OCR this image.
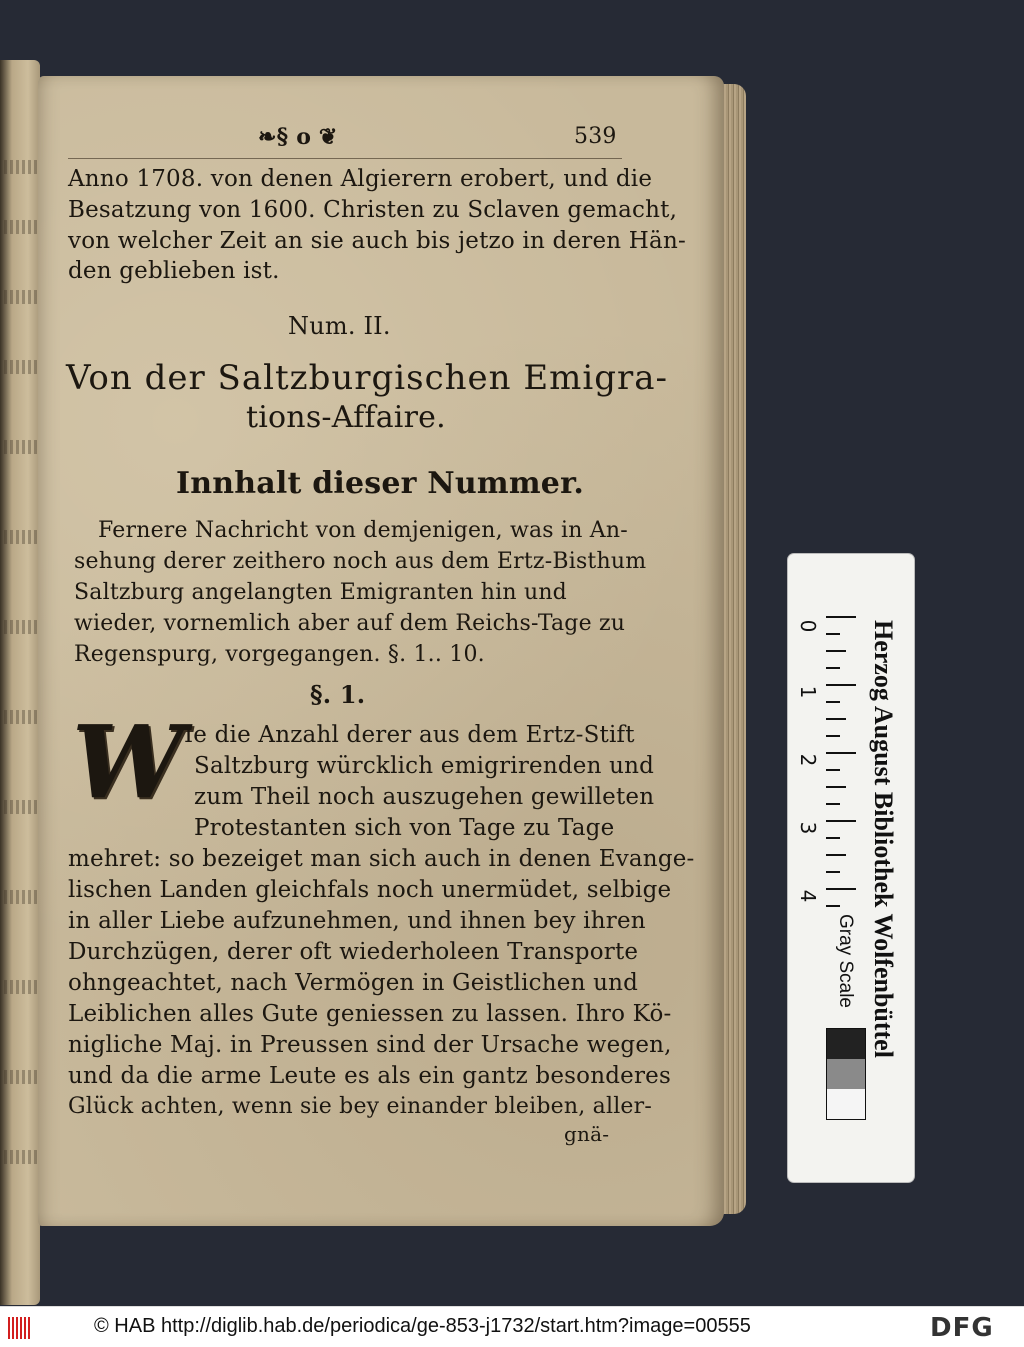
❧§ o ❦	539
Anno 1708. von denen Algierern erobert, und die
Besatzung von 1600. Christen zu Sclaven gemacht,
von welcher Zeit an sie auch bis jetzo in deren Hän-
den geblieben ist.
Num. II.
Von der Saltzburgischen Emigra-
tions-Affaire.
Innhalt dieser Nummer.
Fernere Nachricht von demjenigen, was in An-
sehung derer zeithero noch aus dem Ertz-Bisthum
Saltzburg angelangten Emigranten hin und
wieder, vornemlich aber auf dem Reichs-Tage zu
Regenspurg, vorgegangen. §. 1.. 10.
§. 1.
W Ie die Anzahl derer aus dem Ertz-Stift
Saltzburg würcklich emigrirenden und
zum Theil noch auszugehen gewilleten
Protestanten sich von Tage zu Tage
mehret: so bezeiget man sich auch in denen Evange-
lischen Landen gleichfals noch unermüdet, selbige
in aller Liebe aufzunehmen, und ihnen bey ihren
Durchzügen, derer oft wiederholeen Transporte
ohngeachtet, nach Vermögen in Geistlichen und
Leiblichen alles Gute geniessen zu lassen. Ihro Kö-
nigliche Maj. in Preussen sind der Ursache wegen,
und da die arme Leute es als ein gantz besonderes
Glück achten, wenn sie bey einander bleiben, aller-
gnä-
0
1
2
3
4 Herzog August Bibliothek Wolfenbüttel
Gray Scale
© HAB http://diglib.hab.de/periodica/ge-853-j1732/start.htm?image=00555	DFG
